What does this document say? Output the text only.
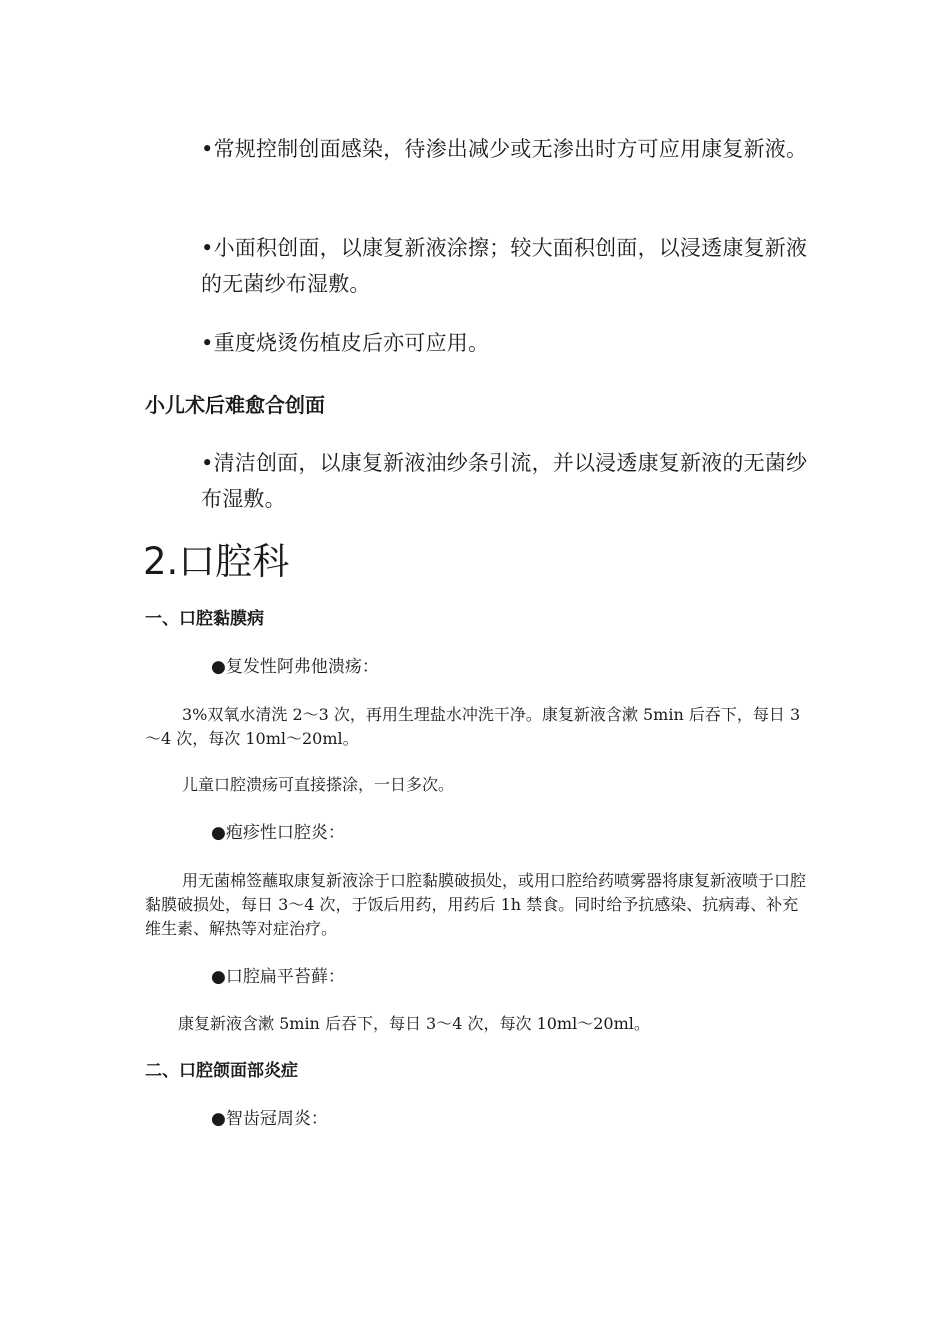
•常规控制创面感染，待渗出减少或无渗出时方可应用康复新液。
•小面积创面，以康复新液涂擦；较大面积创面，以浸透康复新液的无菌纱布湿敷。
•重度烧烫伤植皮后亦可应用。
小儿术后难愈合创面
•清洁创面，以康复新液油纱条引流，并以浸透康复新液的无菌纱布湿敷。
2.口腔科
一、口腔黏膜病
●复发性阿弗他溃疡：
3%双氧水清洗 2～3 次，再用生理盐水冲洗干净。康复新液含漱 5min 后吞下，每日 3～4 次，每次 10ml～20ml。
儿童口腔溃疡可直接搽涂，一日多次。
●疱疹性口腔炎：
用无菌棉签蘸取康复新液涂于口腔黏膜破损处，或用口腔给药喷雾器将康复新液喷于口腔黏膜破损处，每日 3～4 次，于饭后用药，用药后 1h 禁食。同时给予抗感染、抗病毒、补充维生素、解热等对症治疗。
●口腔扁平苔藓：
康复新液含漱 5min 后吞下，每日 3～4 次，每次 10ml～20ml。
二、口腔颌面部炎症
●智齿冠周炎：
